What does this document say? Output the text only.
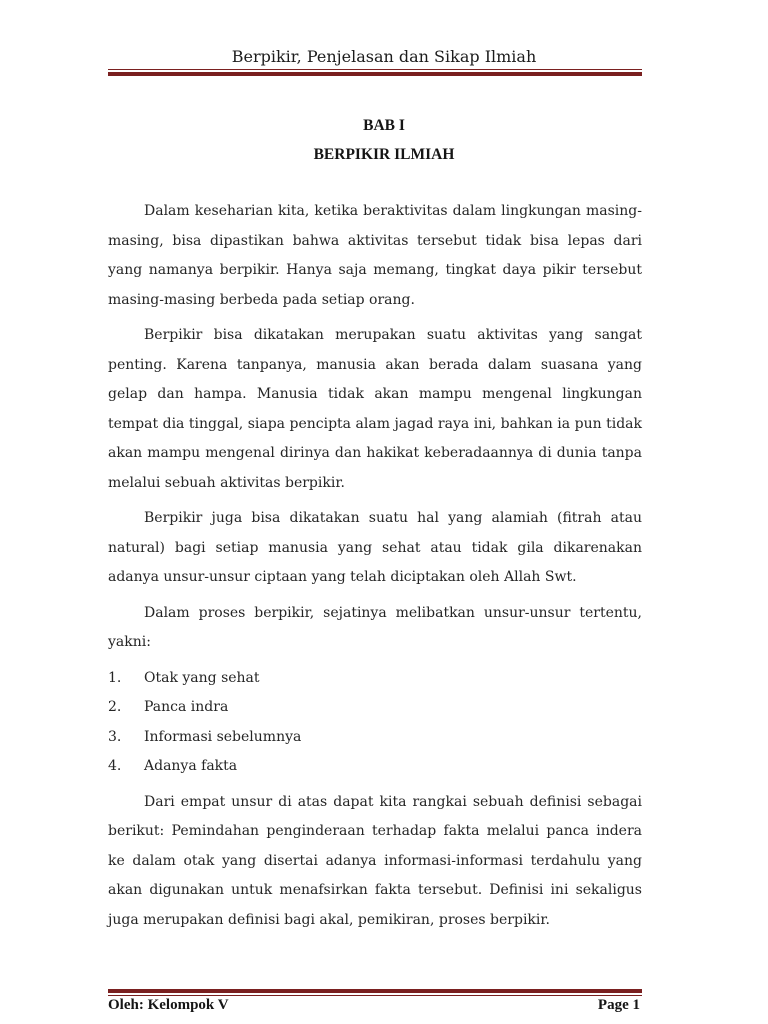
Berpikir, Penjelasan dan Sikap Ilmiah
BAB I
BERPIKIR ILMIAH

Dalam keseharian kita, ketika beraktivitas dalam lingkungan masing-masing, bisa dipastikan bahwa aktivitas tersebut tidak bisa lepas dari yang namanya berpikir. Hanya saja memang, tingkat daya pikir tersebut masing-masing berbeda pada setiap orang.

Berpikir bisa dikatakan merupakan suatu aktivitas yang sangat penting. Karena tanpanya, manusia akan berada dalam suasana yang gelap dan hampa. Manusia tidak akan mampu mengenal lingkungan tempat dia tinggal, siapa pencipta alam jagad raya ini, bahkan ia pun tidak akan mampu mengenal dirinya dan hakikat keberadaannya di dunia tanpa melalui sebuah aktivitas berpikir.

Berpikir juga bisa dikatakan suatu hal yang alamiah (fitrah atau natural) bagi setiap manusia yang sehat atau tidak gila dikarenakan adanya unsur-unsur ciptaan yang telah diciptakan oleh Allah Swt.

Dalam proses berpikir, sejatinya melibatkan unsur-unsur tertentu, yakni:

1.	Otak yang sehat
2.	Panca indra
3.	Informasi sebelumnya
4.	Adanya fakta

Dari empat unsur di atas dapat kita rangkai sebuah definisi sebagai berikut: Pemindahan penginderaan terhadap fakta melalui panca indera ke dalam otak yang disertai adanya informasi-informasi terdahulu yang akan digunakan untuk menafsirkan fakta tersebut. Definisi ini sekaligus juga merupakan definisi bagi akal, pemikiran, proses berpikir.

Oleh: Kelompok V	Page 1
